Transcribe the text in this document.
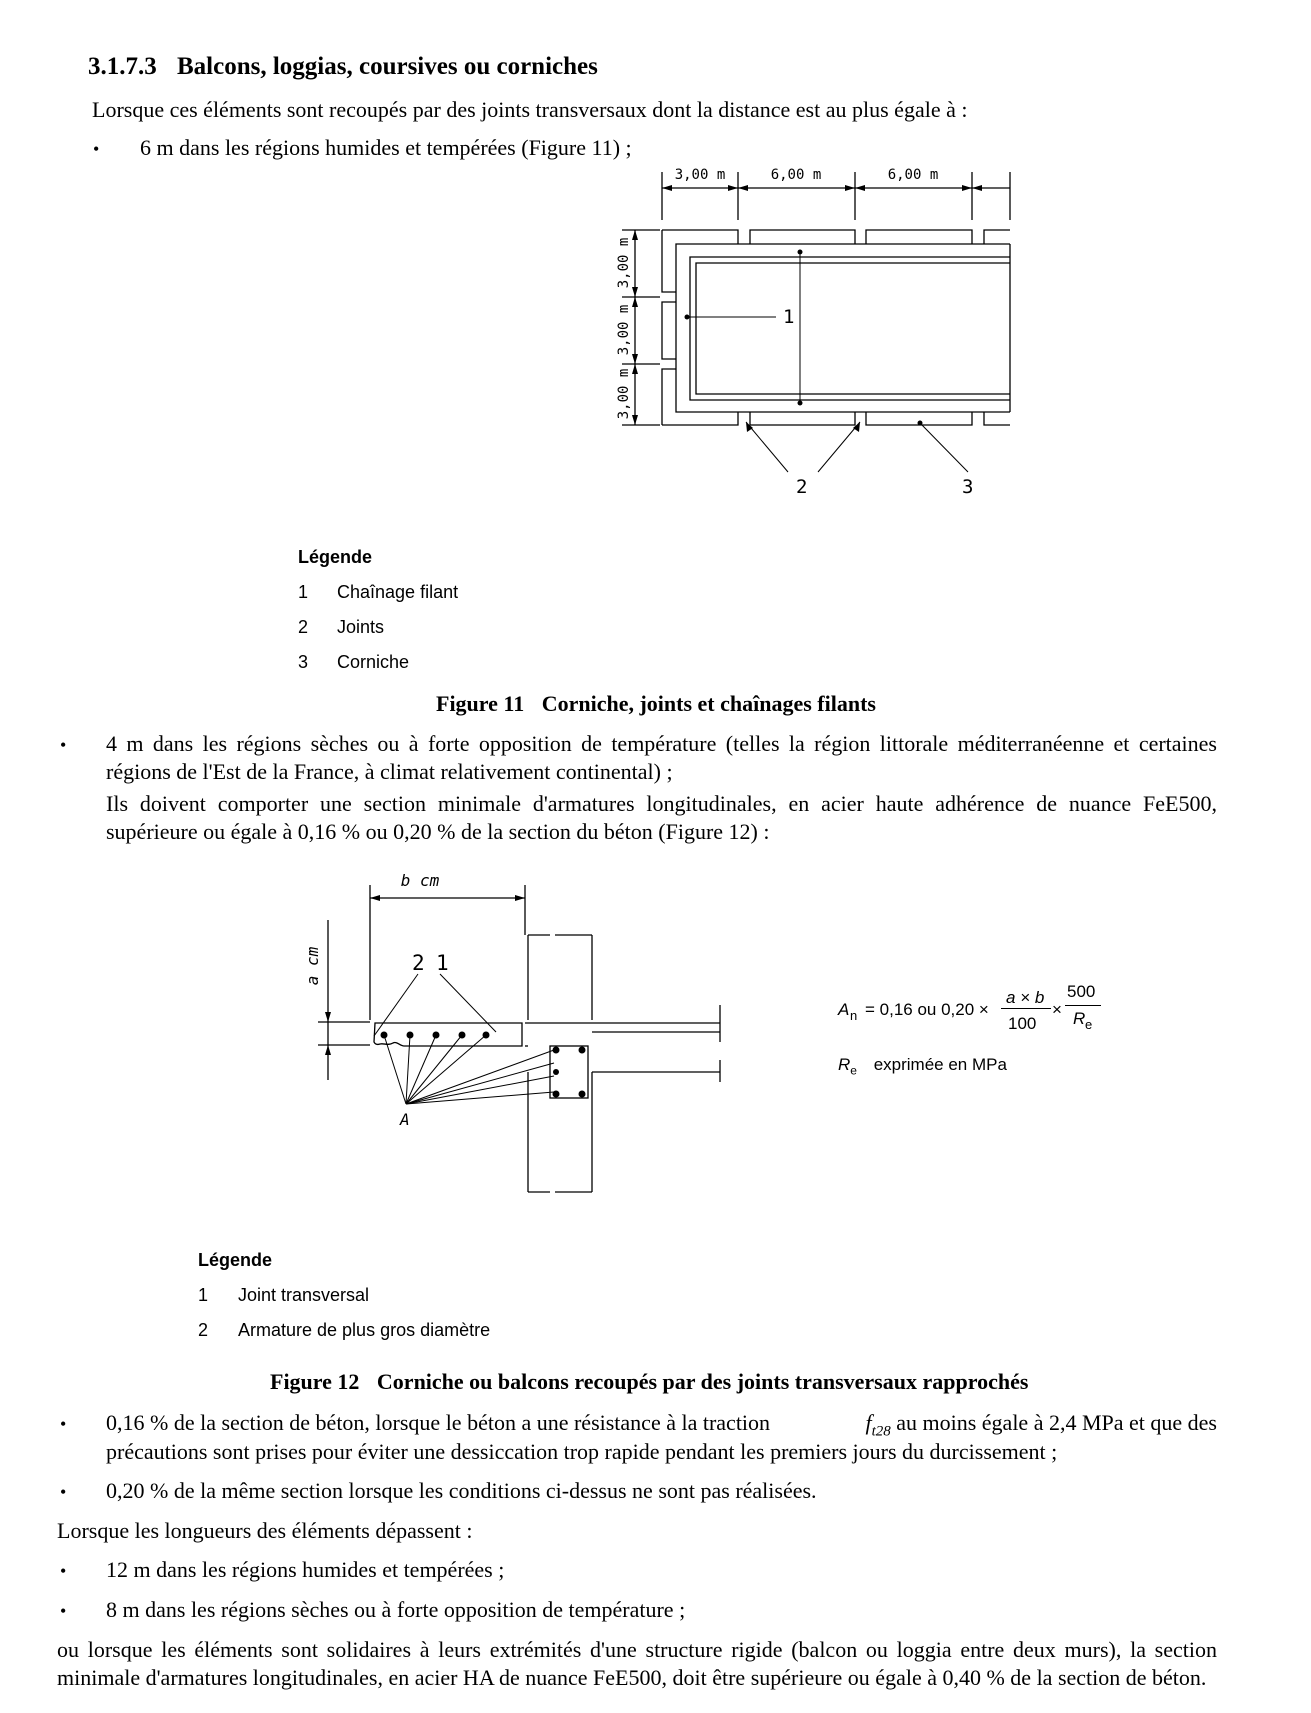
3.1.7.3 Balcons, loggias, coursives ou corniches
Lorsque ces éléments sont recoupés par des joints transversaux dont la distance est au plus égale à :
• 6 m dans les régions humides et tempérées (Figure 11) ;
3,00 m	6,00 m	6,00 m
3,00 m
3,00 m
3,00 m
1
2	3
Légende
1 Chaînage filant
2 Joints
3 Corniche
Figure 11 Corniche, joints et chaînages filants
• 4 m dans les régions sèches ou à forte opposition de température (telles la région littorale méditerranéenne et certaines
régions de l'Est de la France, à climat relativement continental) ;
Ils doivent comporter une section minimale d'armatures longitudinales, en acier haute adhérence de nuance FeE500,
supérieure ou égale à 0,16 % ou 0,20 % de la section du béton (Figure 12) :
b cm
a cm	2 1
A
A n = 0,16 ou 0,20 ×
a × b
100
×
500
R e
$R_e$ exprimée en MPa
Légende
1 Joint transversal
2 Armature de plus gros diamètre
Figure 12 Corniche ou balcons recoupés par des joints transversaux rapprochés
• 0,16 % de la section de béton, lorsque le béton a une résistance à la traction	$f_{t28}$ au moins égale à 2,4 MPa et que des
précautions sont prises pour éviter une dessiccation trop rapide pendant les premiers jours du durcissement ;
• 0,20 % de la même section lorsque les conditions ci-dessus ne sont pas réalisées.
Lorsque les longueurs des éléments dépassent :
• 12 m dans les régions humides et tempérées ;
• 8 m dans les régions sèches ou à forte opposition de température ;
ou lorsque les éléments sont solidaires à leurs extrémités d'une structure rigide (balcon ou loggia entre deux murs), la section
minimale d'armatures longitudinales, en acier HA de nuance FeE500, doit être supérieure ou égale à 0,40 % de la section de béton.
